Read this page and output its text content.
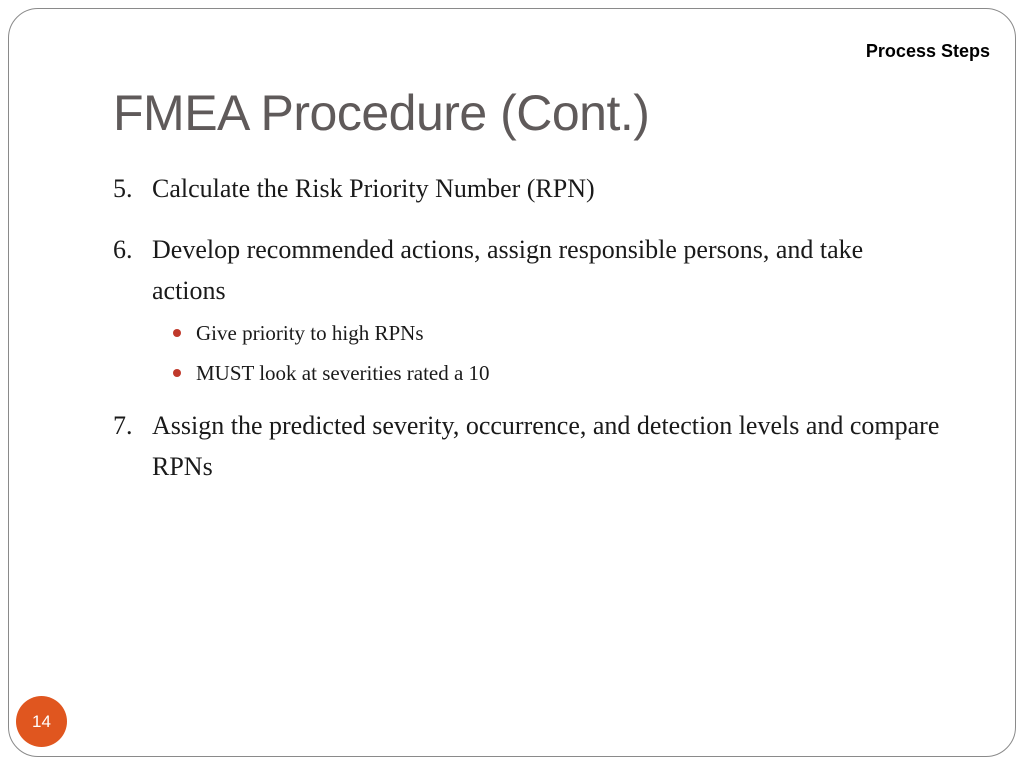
Process Steps
FMEA Procedure (Cont.)
5. Calculate the Risk Priority Number (RPN)
6. Develop recommended actions, assign responsible persons, and take actions
Give priority to high RPNs
MUST look at severities rated a 10
7. Assign the predicted severity, occurrence, and detection levels and compare RPNs
14
